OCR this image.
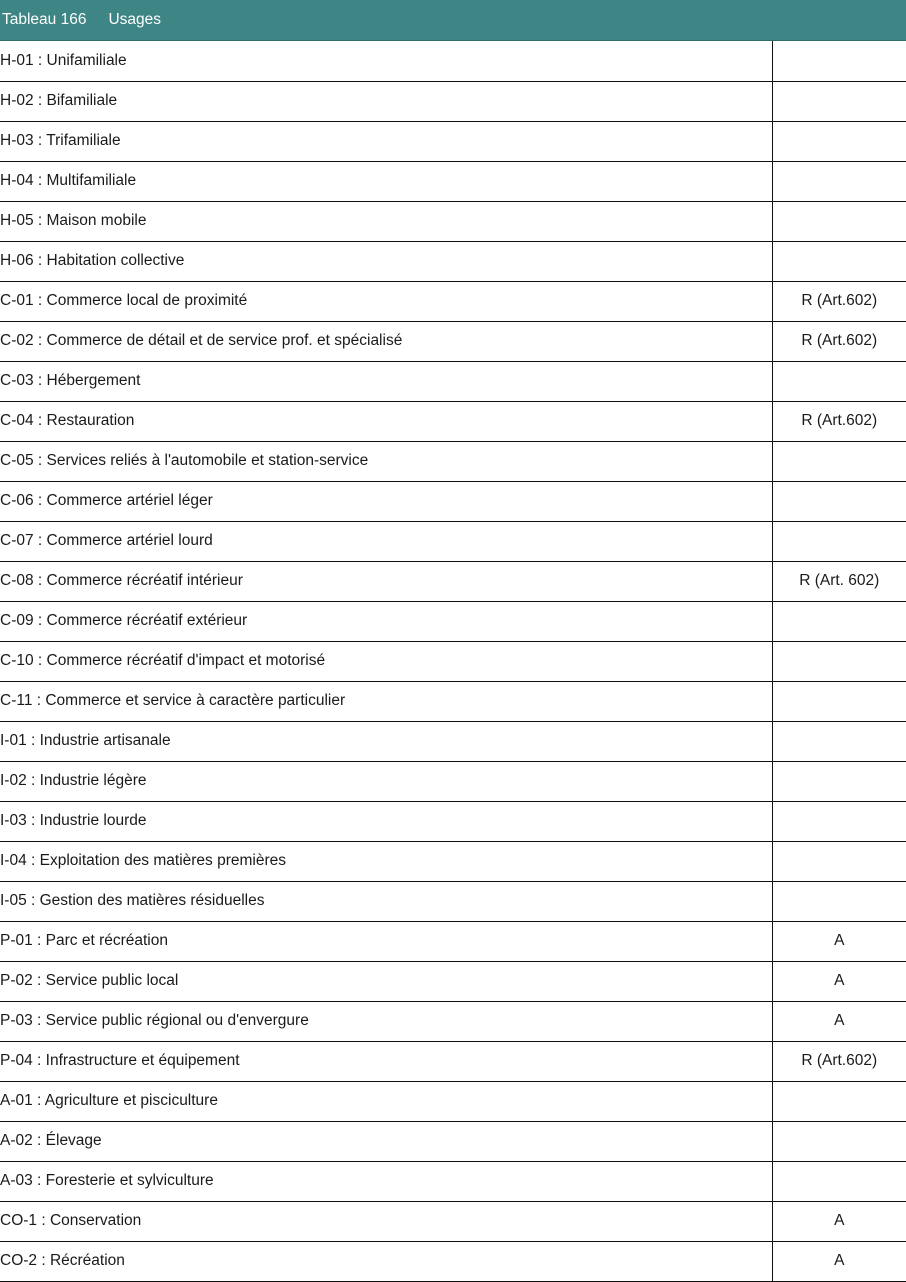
Tableau 166 Usages
H-01 : Unifamiliale	
H-02 : Bifamiliale	
H-03 : Trifamiliale	
H-04 : Multifamiliale	
H-05 : Maison mobile	
H-06 : Habitation collective	
C-01 : Commerce local de proximité	R (Art.602)
C-02 : Commerce de détail et de service prof. et spécialisé	R (Art.602)
C-03 : Hébergement	
C-04 : Restauration	R (Art.602)
C-05 : Services reliés à l'automobile et station-service	
C-06 : Commerce artériel léger	
C-07 : Commerce artériel lourd	
C-08 : Commerce récréatif intérieur	R (Art. 602)
C-09 : Commerce récréatif extérieur	
C-10 : Commerce récréatif d'impact et motorisé	
C-11 : Commerce et service à caractère particulier	
I-01 : Industrie artisanale	
I-02 : Industrie légère	
I-03 : Industrie lourde	
I-04 : Exploitation des matières premières	
I-05 : Gestion des matières résiduelles	
P-01 : Parc et récréation	A
P-02 : Service public local	A
P-03 : Service public régional ou d'envergure	A
P-04 : Infrastructure et équipement	R (Art.602)
A-01 : Agriculture et pisciculture	
A-02 : Élevage	
A-03 : Foresterie et sylviculture	
CO-1 : Conservation	A
CO-2 : Récréation	A
